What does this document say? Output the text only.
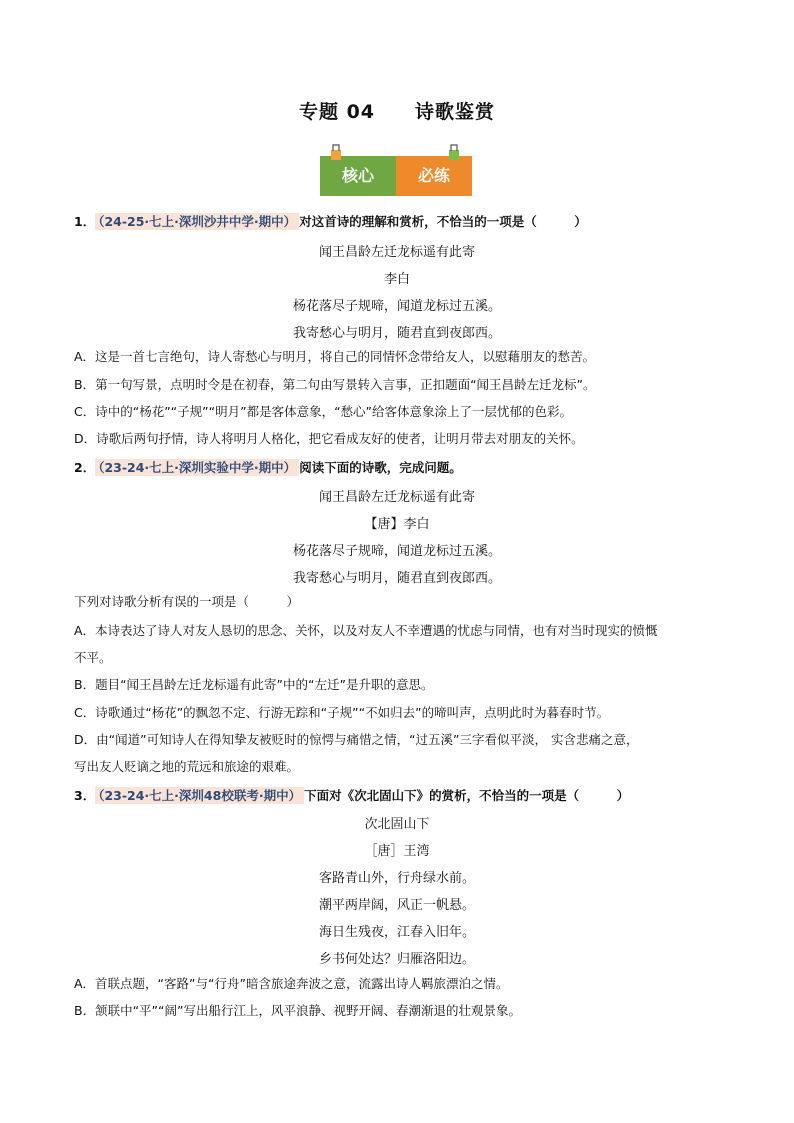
专题 04 诗歌鉴赏
核心	必练
1． （24-25·七上·深圳沙井中学·期中） 对这首诗的理解和赏析，不恰当的一项是（　　　）
闻王昌龄左迁龙标遥有此寄
李白
杨花落尽子规啼，闻道龙标过五溪。
我寄愁心与明月，随君直到夜郎西。
A．这是一首七言绝句，诗人寄愁心与明月，将自己的同情怀念带给友人，以慰藉朋友的愁苦。
B．第一句写景，点明时令是在初春，第二句由写景转入言事，正扣题面“闻王昌龄左迁龙标”。
C．诗中的“杨花”“子规”“明月”都是客体意象，“愁心”给客体意象涂上了一层忧郁的色彩。
D．诗歌后两句抒情，诗人将明月人格化，把它看成友好的使者，让明月带去对朋友的关怀。
2． （23-24·七上·深圳实验中学·期中） 阅读下面的诗歌，完成问题。
闻王昌龄左迁龙标遥有此寄
【唐】李白
杨花落尽子规啼，闻道龙标过五溪。
我寄愁心与明月，随君直到夜郎西。
下列对诗歌分析有误的一项是（　　　）
A．本诗表达了诗人对友人恳切的思念、关怀，以及对友人不幸遭遇的忧虑与同情，也有对当时现实的愤慨
不平。
B．题目“闻王昌龄左迁龙标遥有此寄”中的“左迁”是升职的意思。
C．诗歌通过“杨花”的飘忽不定、行游无踪和“子规”“不如归去”的啼叫声，点明此时为暮春时节。
D．由“闻道”可知诗人在得知挚友被贬时的惊愕与痛惜之情，“过五溪”三字看似平淡， 实含悲痛之意，
写出友人贬谪之地的荒远和旅途的艰难。
3． （23-24·七上·深圳48校联考·期中） 下面对《次北固山下》的赏析，不恰当的一项是（　　　）
次北固山下
［唐］王湾
客路青山外，行舟绿水前。
潮平两岸阔，风正一帆悬。
海日生残夜，江春入旧年。
乡书何处达？归雁洛阳边。
A．首联点题，“客路”与“行舟”暗含旅途奔波之意，流露出诗人羁旅漂泊之情。
B．颔联中“平”“阔”写出船行江上，风平浪静、视野开阔、春潮渐退的壮观景象。
